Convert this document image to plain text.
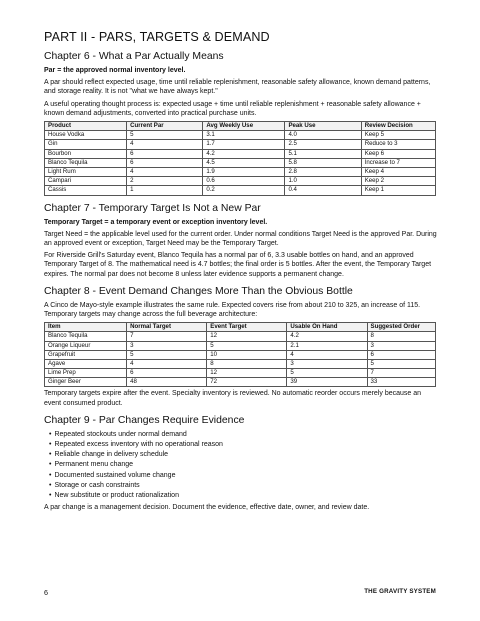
PART II - PARS, TARGETS & DEMAND
Chapter 6 - What a Par Actually Means

Par = the approved normal inventory level.

A par should reflect expected usage, time until reliable replenishment, reasonable safety allowance, known demand patterns, and storage reality. It is not "what we have always kept."

A useful operating thought process is: expected usage + time until reliable replenishment + reasonable safety allowance + known demand adjustments, converted into practical purchase units.

Product	Current Par	Avg Weekly Use	Peak Use	Review Decision
House Vodka	5	3.1	4.0	Keep 5
Gin	4	1.7	2.5	Reduce to 3
Bourbon	6	4.2	5.1	Keep 6
Blanco Tequila	6	4.5	5.8	Increase to 7
Light Rum	4	1.9	2.8	Keep 4
Campari	2	0.6	1.0	Keep 2
Cassis	1	0.2	0.4	Keep 1
Chapter 7 - Temporary Target Is Not a New Par

Temporary Target = a temporary event or exception inventory level.

Target Need = the applicable level used for the current order. Under normal conditions Target Need is the approved Par. During an approved event or exception, Target Need may be the Temporary Target.

For Riverside Grill's Saturday event, Blanco Tequila has a normal par of 6, 3.3 usable bottles on hand, and an approved Temporary Target of 8. The mathematical need is 4.7 bottles; the final order is 5 bottles. After the event, the Temporary Target expires. The normal par does not become 8 unless later evidence supports a permanent change.

Chapter 8 - Event Demand Changes More Than the Obvious Bottle

A Cinco de Mayo-style example illustrates the same rule. Expected covers rise from about 210 to 325, an increase of 115. Temporary targets may change across the full beverage architecture:

Item	Normal Target	Event Target	Usable On Hand	Suggested Order
Blanco Tequila	7	12	4.2	8
Orange Liqueur	3	5	2.1	3
Grapefruit	5	10	4	6
Agave	4	8	3	5
Lime Prep	6	12	5	7
Ginger Beer	48	72	39	33

Temporary targets expire after the event. Specialty inventory is reviewed. No automatic reorder occurs merely because an event consumed product.

Chapter 9 - Par Changes Require Evidence
• Repeated stockouts under normal demand
• Repeated excess inventory with no operational reason
• Reliable change in delivery schedule
• Permanent menu change
• Documented sustained volume change
• Storage or cash constraints
• New substitute or product rationalization

A par change is a management decision. Document the evidence, effective date, owner, and review date.

6	THE GRAVITY SYSTEM
